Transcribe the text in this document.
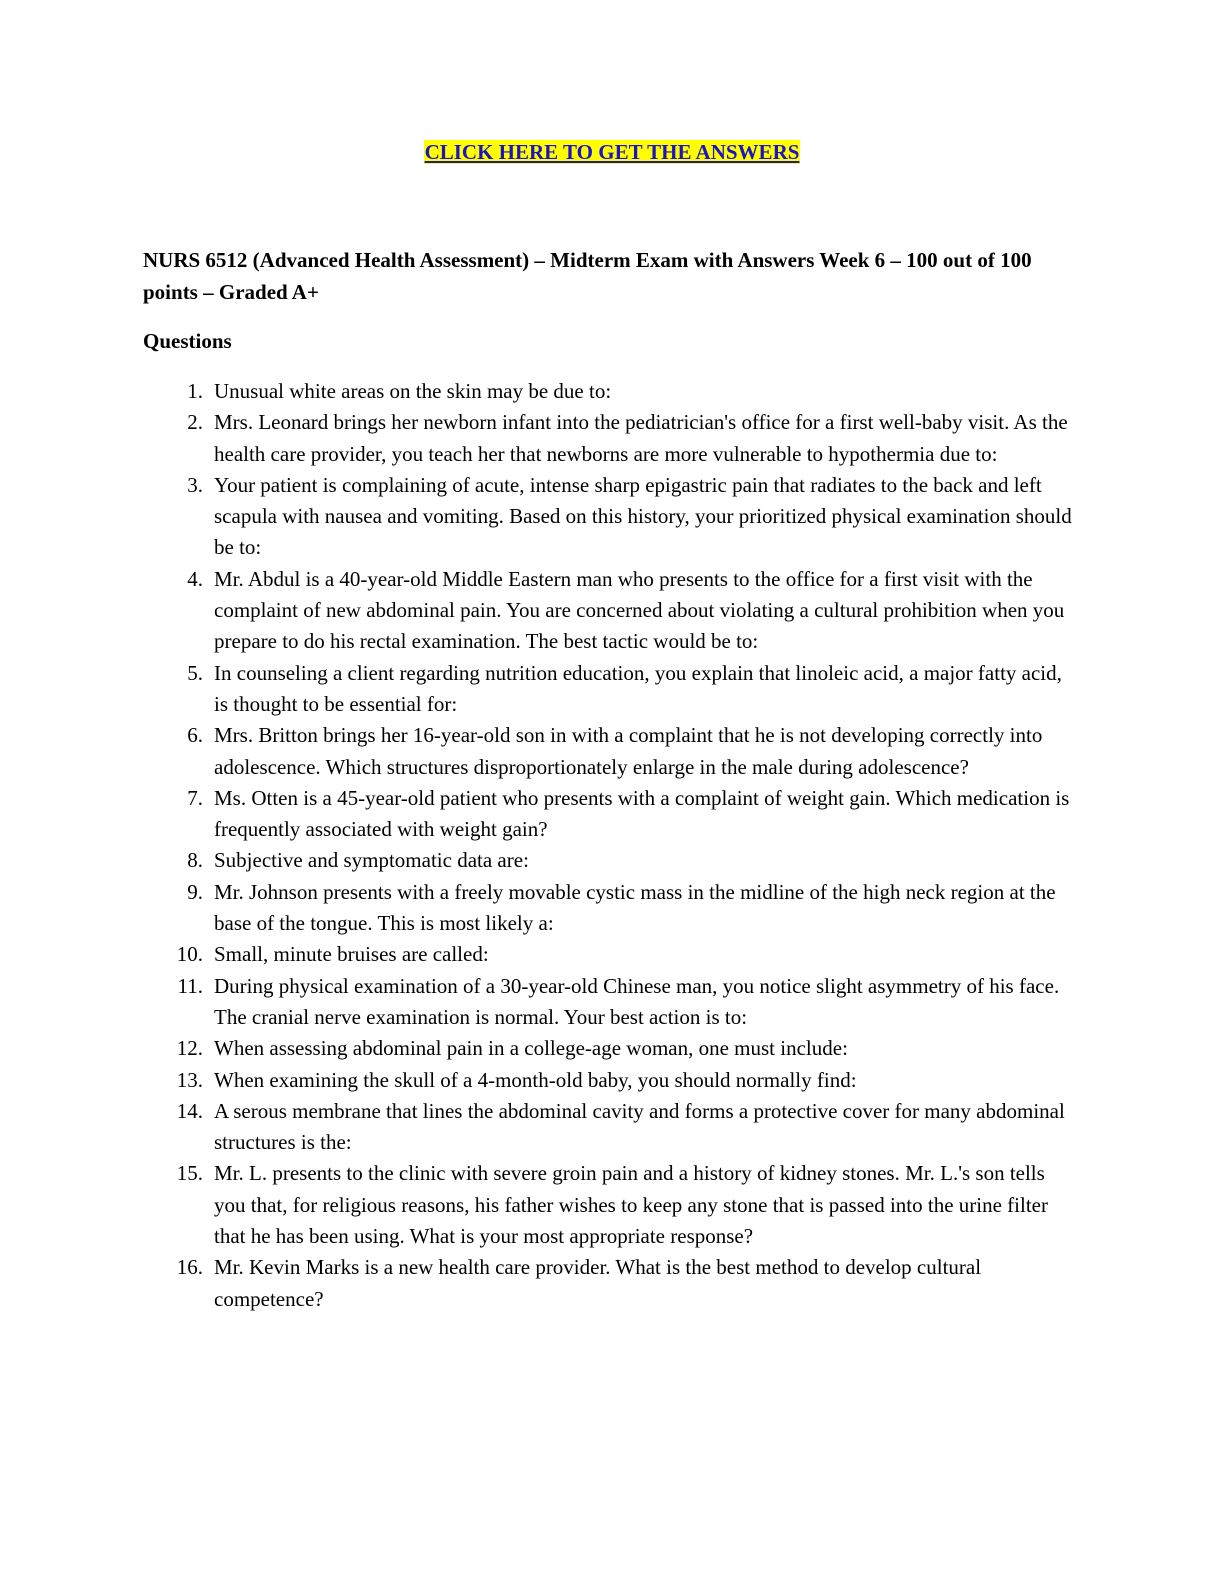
CLICK HERE TO GET THE ANSWERS
NURS 6512 (Advanced Health Assessment) – Midterm Exam with Answers Week 6 – 100 out of 100 points – Graded A+
Questions
1. Unusual white areas on the skin may be due to:
2. Mrs. Leonard brings her newborn infant into the pediatrician's office for a first well-baby visit. As the health care provider, you teach her that newborns are more vulnerable to hypothermia due to:
3. Your patient is complaining of acute, intense sharp epigastric pain that radiates to the back and left scapula with nausea and vomiting. Based on this history, your prioritized physical examination should be to:
4. Mr. Abdul is a 40-year-old Middle Eastern man who presents to the office for a first visit with the complaint of new abdominal pain. You are concerned about violating a cultural prohibition when you prepare to do his rectal examination. The best tactic would be to:
5. In counseling a client regarding nutrition education, you explain that linoleic acid, a major fatty acid, is thought to be essential for:
6. Mrs. Britton brings her 16-year-old son in with a complaint that he is not developing correctly into adolescence. Which structures disproportionately enlarge in the male during adolescence?
7. Ms. Otten is a 45-year-old patient who presents with a complaint of weight gain. Which medication is frequently associated with weight gain?
8. Subjective and symptomatic data are:
9. Mr. Johnson presents with a freely movable cystic mass in the midline of the high neck region at the base of the tongue. This is most likely a:
10. Small, minute bruises are called:
11. During physical examination of a 30-year-old Chinese man, you notice slight asymmetry of his face. The cranial nerve examination is normal. Your best action is to:
12. When assessing abdominal pain in a college-age woman, one must include:
13. When examining the skull of a 4-month-old baby, you should normally find:
14. A serous membrane that lines the abdominal cavity and forms a protective cover for many abdominal structures is the:
15. Mr. L. presents to the clinic with severe groin pain and a history of kidney stones. Mr. L.'s son tells you that, for religious reasons, his father wishes to keep any stone that is passed into the urine filter that he has been using. What is your most appropriate response?
16. Mr. Kevin Marks is a new health care provider. What is the best method to develop cultural competence?
